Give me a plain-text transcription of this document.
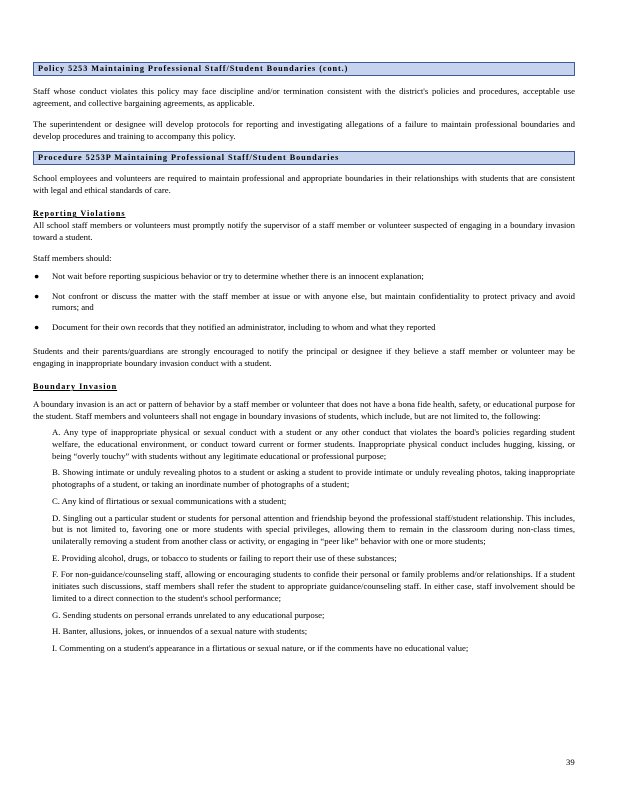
Policy 5253 Maintaining Professional Staff/Student Boundaries (cont.)

Staff whose conduct violates this policy may face discipline and/or termination consistent with the district's policies and procedures, acceptable use agreement, and collective bargaining agreements, as applicable.

The superintendent or designee will develop protocols for reporting and investigating allegations of a failure to maintain professional boundaries and develop procedures and training to accompany this policy.

Procedure 5253P Maintaining Professional Staff/Student Boundaries

School employees and volunteers are required to maintain professional and appropriate boundaries in their relationships with students that are consistent with legal and ethical standards of care.

Reporting Violations

All school staff members or volunteers must promptly notify the supervisor of a staff member or volunteer suspected of engaging in a boundary invasion toward a student.

Staff members should:

● Not wait before reporting suspicious behavior or try to determine whether there is an innocent explanation;
● Not confront or discuss the matter with the staff member at issue or with anyone else, but maintain confidentiality to protect privacy and avoid rumors; and
● Document for their own records that they notified an administrator, including to whom and what they reported

Students and their parents/guardians are strongly encouraged to notify the principal or designee if they believe a staff member or volunteer may be engaging in inappropriate boundary invasion conduct with a student.

Boundary Invasion

A boundary invasion is an act or pattern of behavior by a staff member or volunteer that does not have a bona fide health, safety, or educational purpose for the student. Staff members and volunteers shall not engage in boundary invasions of students, which include, but are not limited to, the following:

A. Any type of inappropriate physical or sexual conduct with a student or any other conduct that violates the board's policies regarding student welfare, the educational environment, or conduct toward current or former students. Inappropriate physical conduct includes hugging, kissing, or being “overly touchy” with students without any legitimate educational or professional purpose;

B. Showing intimate or unduly revealing photos to a student or asking a student to provide intimate or unduly revealing photos, taking inappropriate photographs of a student, or taking an inordinate number of photographs of a student;

C. Any kind of flirtatious or sexual communications with a student;

D. Singling out a particular student or students for personal attention and friendship beyond the professional staff/student relationship. This includes, but is not limited to, favoring one or more students with special privileges, allowing them to remain in the classroom during non-class times, unilaterally removing a student from another class or activity, or engaging in “peer like” behavior with one or more students;

E. Providing alcohol, drugs, or tobacco to students or failing to report their use of these substances;

F. For non-guidance/counseling staff, allowing or encouraging students to confide their personal or family problems and/or relationships. If a student initiates such discussions, staff members shall refer the student to appropriate guidance/counseling staff. In either case, staff involvement should be limited to a direct connection to the student's school performance;

G. Sending students on personal errands unrelated to any educational purpose;

H. Banter, allusions, jokes, or innuendos of a sexual nature with students;

I. Commenting on a student's appearance in a flirtatious or sexual nature, or if the comments have no educational value;

39
